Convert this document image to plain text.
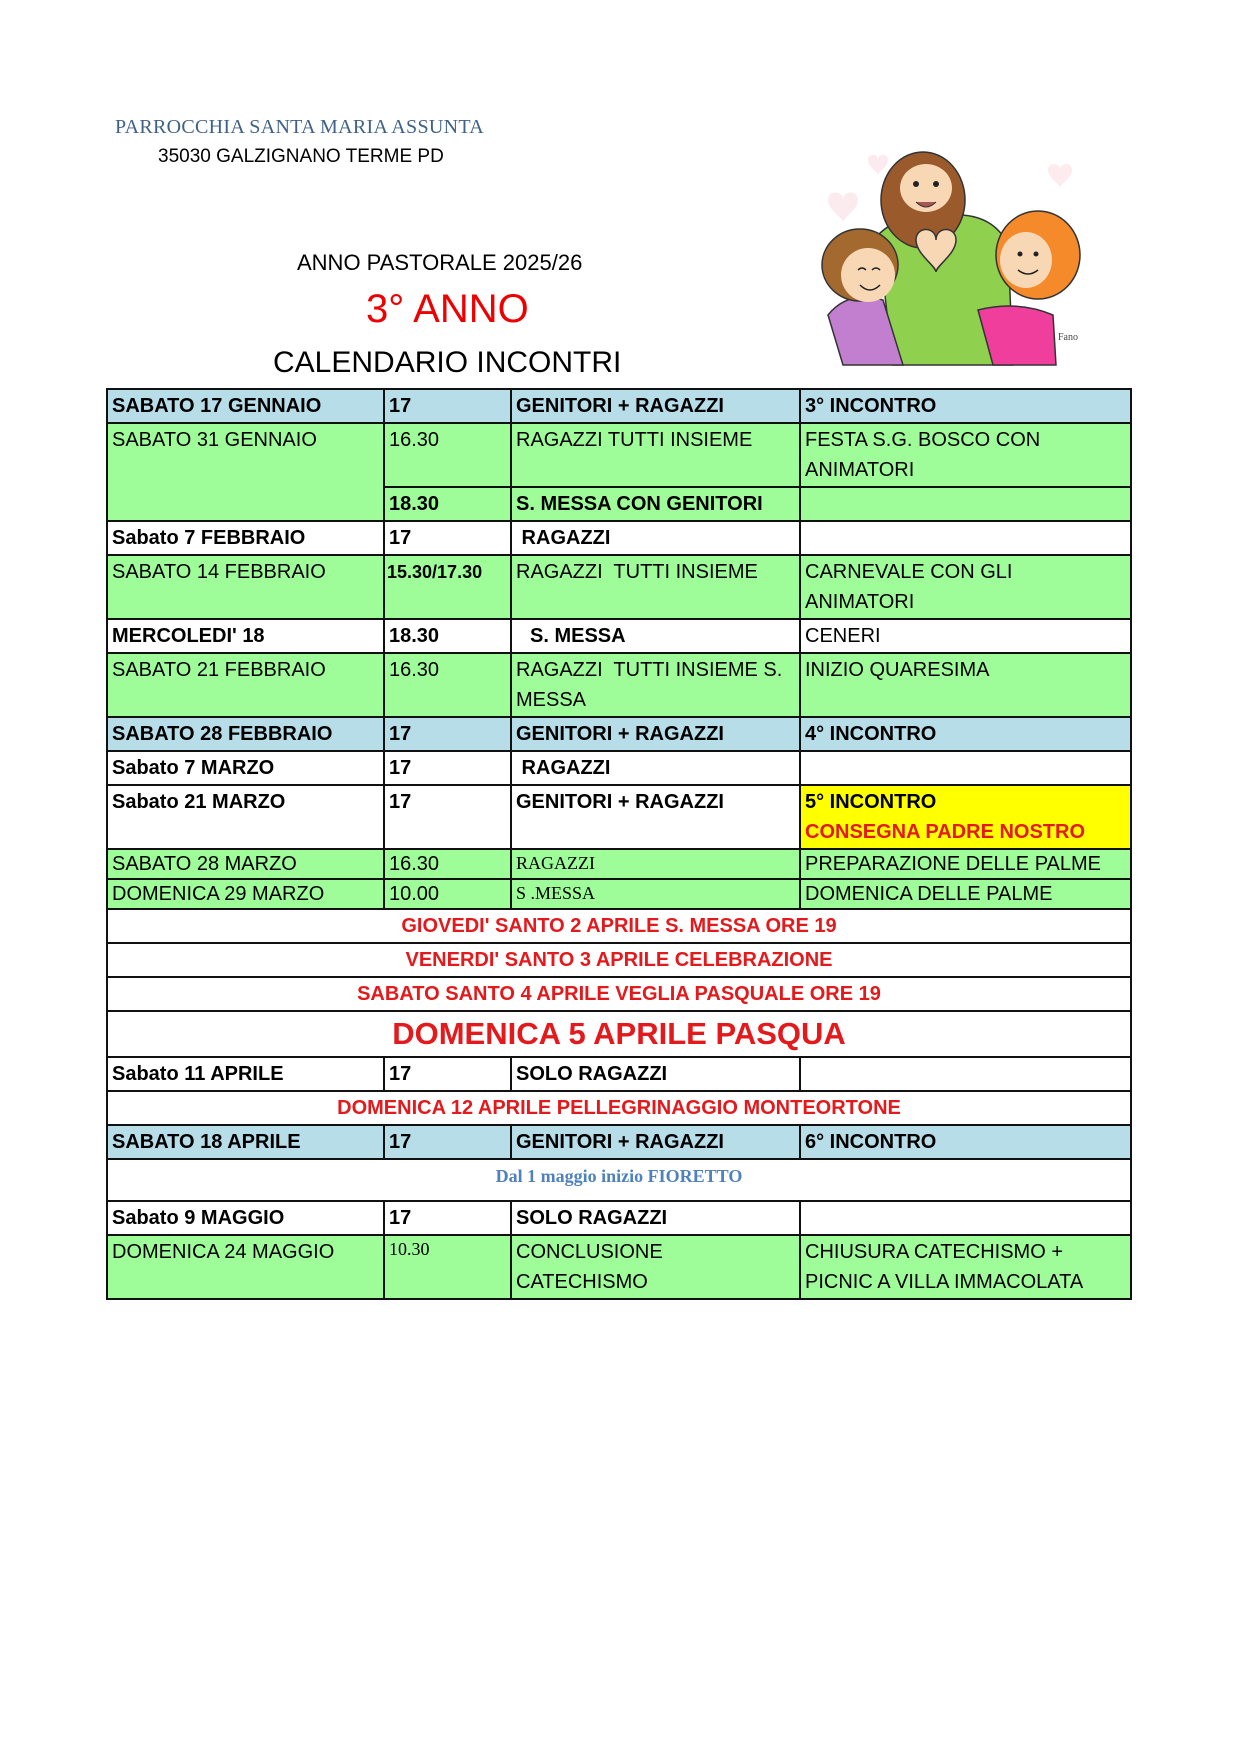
PARROCCHIA SANTA MARIA ASSUNTA
35030 GALZIGNANO TERME PD
ANNO PASTORALE 2025/26
3° ANNO
CALENDARIO INCONTRI
Fano
SABATO 17 GENNAIO	17	GENITORI + RAGAZZI	3° INCONTRO
SABATO 31 GENNAIO	16.30	RAGAZZI TUTTI INSIEME	FESTA S.G. BOSCO CON ANIMATORI
	18.30	S. MESSA CON GENITORI	
Sabato 7 FEBBRAIO	17	RAGAZZI	
SABATO 14 FEBBRAIO	15.30/17.30	RAGAZZI  TUTTI INSIEME	CARNEVALE CON GLI ANIMATORI
MERCOLEDI' 18	18.30	S. MESSA	CENERI
SABATO 21 FEBBRAIO	16.30	RAGAZZI  TUTTI INSIEME S. MESSA	INIZIO QUARESIMA
SABATO 28 FEBBRAIO	17	GENITORI + RAGAZZI	4° INCONTRO
Sabato 7 MARZO	17	RAGAZZI	
Sabato 21 MARZO	17	GENITORI + RAGAZZI	5° INCONTRO
CONSEGNA PADRE NOSTRO

SABATO 28 MARZO	16.30	RAGAZZI	PREPARAZIONE DELLE PALME
DOMENICA 29 MARZO	10.00	S .MESSA	DOMENICA DELLE PALME
GIOVEDI' SANTO 2 APRILE S. MESSA ORE 19			
VENERDI' SANTO 3 APRILE CELEBRAZIONE			
SABATO SANTO 4 APRILE VEGLIA PASQUALE ORE 19			
DOMENICA 5 APRILE PASQUA			
Sabato 11 APRILE	17	SOLO RAGAZZI	
DOMENICA 12 APRILE PELLEGRINAGGIO MONTEORTONE			
SABATO 18 APRILE	17	GENITORI + RAGAZZI	6° INCONTRO
Dal 1 maggio inizio FIORETTO			
Sabato 9 MAGGIO	17	SOLO RAGAZZI	
DOMENICA 24 MAGGIO	10.30	CONCLUSIONE CATECHISMO	CHIUSURA CATECHISMO + PICNIC A VILLA IMMACOLATA
